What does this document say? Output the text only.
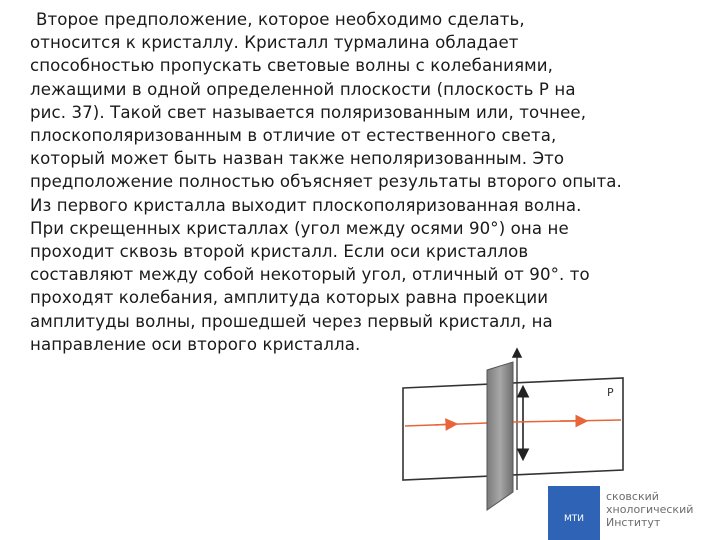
Второе предположение, которое необходимо сделать,
относится к кристаллу. Кристалл турмалина обладает
способностью пропускать световые волны с колебаниями,
лежащими в одной определенной плоскости (плоскость P на
рис. 37). Такой свет называется поляризованным или, точнее,
плоскополяризованным в отличие от естественного света,
который может быть назван также неполяризованным. Это
предположение полностью объясняет результаты второго опыта.
Из первого кристалла выходит плоскополяризованная волна.
При скрещенных кристаллах (угол между осями 90°) она не
проходит сквозь второй кристалл. Если оси кристаллов
составляют между собой некоторый угол, отличный от 90°. то
проходят колебания, амплитуда которых равна проекции
амплитуды волны, прошедшей через первый кристалл, на
направление оси второго кристалла.
P
МТИ
сковский
хнологический
Институт
